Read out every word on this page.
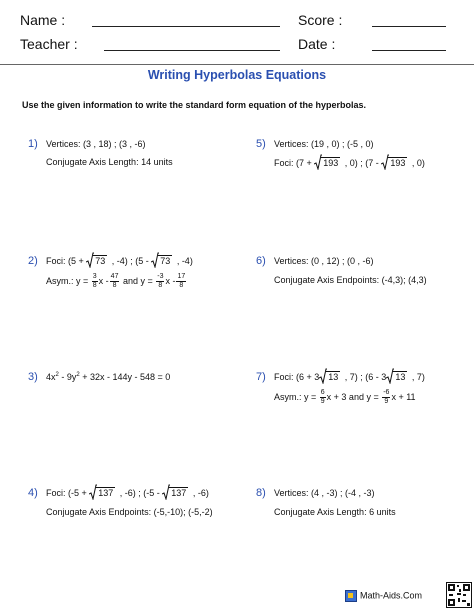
Name :	Score :
Teacher :	Date :
Writing Hyperbolas Equations
Use the given information to write the standard form equation of the hyperbolas.
1) Vertices: (3 , 18) ; (3 , -6)
Conjugate Axis Length: 14 units
5) Vertices: (19 , 0) ; (-5 , 0)
Foci: (7 +
193 , 0) ; (7 -
193 , 0)
2) Foci: (5 +
73 , -4) ; (5 -
73 , -4)
Asym.: $y = \frac{3}{8}$ x - $\frac{47}{8}$ and $y = \frac{-3}{8}$ x - $\frac{17}{8}$
6) Vertices: (0 , 12) ; (0 , -6)
Conjugate Axis Endpoints: (-4,3); (4,3)
3) $4x^2 - 9y^2 + 32x - 144y - 548 = 0$	7) Foci: (6 + 3 13 , 7) ; (6 - 3 13 , 7)
Asym.: $y = \frac{6}{9}$ x + 3 and $y = \frac{-6}{9}$ x + 11
4) Foci: (-5 +
137 , -6) ; (-5 -
137 , -6)
Conjugate Axis Endpoints: (-5,-10); (-5,-2)
8) Vertices: (4 , -3) ; (-4 , -3)
Conjugate Axis Length: 6 units
Math-Aids.Com
